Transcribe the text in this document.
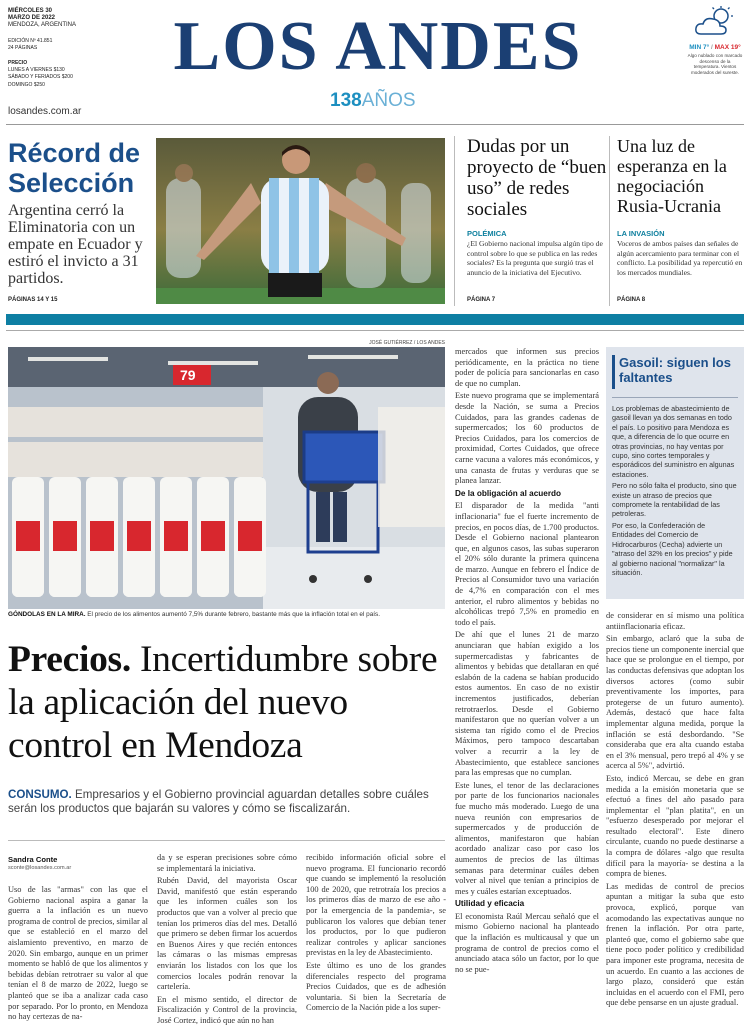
MIÉRCOLES 30
MARZO DE 2022
MENDOZA, ARGENTINA
EDICIÓN Nº 41.851
24 PÁGINAS
PRECIO
LUNES A VIERNES $130
SÁBADO Y FERIADOS $200
DOMINGO $250
losandes.com.ar
LOS ANDES
138AÑOS
MIN 7° / MAX 19°
Algo nublado con marcado descenso de la temperatura. Vientos moderados del sureste.
Récord de Selección
Argentina cerró la Eliminatoria con un empate en Ecuador y estiró el invicto a 31 partidos.
PÁGINAS 14 Y 15
Dudas por un proyecto de “buen uso” de redes sociales
POLÉMICA
¿El Gobierno nacional impulsa algún tipo de control sobre lo que se publica en las redes sociales? Es la pregunta que surgió tras el anuncio de la iniciativa del Ejecutivo.
PÁGINA 7
Una luz de esperanza en la negociación Rusia-Ucrania
LA INVASIÓN
Voceros de ambos países dan señales de algún acercamiento para terminar con el conflicto. La posibilidad ya repercutió en los mercados mundiales.
PÁGINA 8
JOSÉ GUTIÉRREZ / LOS ANDES
79
GÓNDOLAS EN LA MIRA. El precio de los alimentos aumentó 7,5% durante febrero, bastante más que la inflación total en el país.
Precios. Incertidumbre sobre la aplicación del nuevo control en Mendoza
CONSUMO. Empresarios y el Gobierno provincial aguardan detalles sobre cuáles serán los productos que bajarán su valores y cómo se fiscalizarán.
Sandra Conte
sconte@losandes.com.ar

Uso de las "armas" con las que el Gobierno nacional aspira a ganar la guerra a la inflación es un nuevo programa de control de precios, similar al que se estableció en el marzo del aislamiento preventivo, en marzo de 2020. Sin embargo, aunque en un primer momento se habló de que los alimentos y bebidas debían retrotraer su valor al que tenían el 8 de marzo de 2022, luego se planteó que se iba a analizar cada caso por separado. Por lo pronto, en Mendoza no hay certezas de na-

da y se esperan precisiones sobre cómo se implementará la iniciativa.

Rubén David, del mayorista Oscar David, manifestó que están esperando que les informen cuáles son los productos que van a volver al precio que tenían los primeros días del mes. Detalló que primero se deben firmar los acuerdos en Buenos Aires y que recién entonces las cámaras o las mismas empresas enviarán los listados con los que los comercios locales podrán renovar la cartelería.

En el mismo sentido, el director de Fiscalización y Control de la provincia, José Cortez, indicó que aún no han

recibido información oficial sobre el nuevo programa. El funcionario recordó que cuando se implementó la resolución 100 de 2020, que retrotraía los precios a los primeros días de marzo de ese año -por la emergencia de la pandemia-, se publicaron los valores que debían tener los productos, por lo que pudieron realizar controles y aplicar sanciones previstas en la ley de Abastecimiento.

Este último es uno de los grandes diferenciales respecto del programa Precios Cuidados, que es de adhesión voluntaria. Si bien la Secretaría de Comercio de la Nación pide a los super-

mercados que informen sus precios periódicamente, en la práctica no tiene poder de policía para sancionarlas en caso de que no cumplan.

Este nuevo programa que se implementará desde la Nación, se suma a Precios Cuidados, para las grandes cadenas de supermercados; los 60 productos de Precios Cuidados, para los comercios de proximidad, Cortes Cuidados, que ofrece carne vacuna a valores más económicos, y una canasta de frutas y verduras que se planea lanzar.

De la obligación al acuerdo

El disparador de la medida "anti inflacionaria" fue el fuerte incremento de precios, en pocos días, de 1.700 productos. Desde el Gobierno nacional plantearon que, en algunos casos, las subas superaron el 20% sólo durante la primera quincena de marzo. Aunque en febrero el Índice de Precios al Consumidor tuvo una variación de 4,7% en comparación con el mes anterior, el rubro alimentos y bebidas no alcohólicas trepó 7,5% en promedio en todo el país.

De ahí que el lunes 21 de marzo anunciaran que habían exigido a los supermercadistas y fabricantes de alimentos y bebidas que detallaran en qué eslabón de la cadena se habían producido estos aumentos. En caso de no existir incrementos justificados, deberían retrotraerlos. Desde el Gobierno manifestaron que no querían volver a un sistema tan rígido como el de Precios Máximos, pero tampoco descartaban volver a recurrir a la ley de Abastecimiento, que establece sanciones para las empresas que no cumplan.

Este lunes, el tenor de las declaraciones por parte de los funcionarios nacionales fue mucho más moderado. Luego de una nueva reunión con empresarios de supermercados y de producción de alimentos, manifestaron que habían acordado analizar caso por caso los aumentos de precios de las últimas semanas para determinar cuáles deben volver al nivel que tenían a principios de mes y cuáles estarían exceptuados.

Utilidad y eficacia

El economista Raúl Mercau señaló que el mismo Gobierno nacional ha planteado que la inflación es multicausal y que un programa de control de precios como el anunciado ataca sólo un factor, por lo que no se pue-

de considerar en sí mismo una política antiinflacionaria eficaz.

Sin embargo, aclaró que la suba de precios tiene un componente inercial que hace que se prolongue en el tiempo, por las conductas defensivas que adoptan los diversos actores (como subir preventivamente los importes, para protegerse de un futuro aumento). Además, destacó que hace falta implementar alguna medida, porque la inflación se está desbordando. "Se consideraba que era alta cuando estaba en el 3% mensual, pero trepó al 4% y se acerca al 5%", advirtió.

Esto, indicó Mercau, se debe en gran medida a la emisión monetaria que se efectuó a fines del año pasado para implementar el "plan platita", en un "esfuerzo desesperado por mejorar el resultado electoral". Este dinero circulante, cuando no puede destinarse a la compra de dólares -algo que resulta difícil para la mayoría- se destina a la compra de bienes.

Las medidas de control de precios apuntan a mitigar la suba que esto provoca, explicó, porque van acomodando las expectativas aunque no frenen la inflación. Por otra parte, planteó que, como el gobierno sabe que tiene poco poder político y credibilidad para imponer este programa, necesita de un acuerdo. En cuanto a las acciones de largo plazo, consideró que están incluidas en el acuerdo con el FMI, pero que debe pensarse en un ajuste gradual.

Gasoil: siguen los faltantes

Los problemas de abastecimiento de gasoil llevan ya dos semanas en todo el país. Lo positivo para Mendoza es que, a diferencia de lo que ocurre en otras provincias, no hay ventas por cupo, sino cortes temporales y esporádicos del suministro en algunas estaciones.

Pero no sólo falta el producto, sino que existe un atraso de precios que compromete la rentabilidad de las petroleras.

Por eso, la Confederación de Entidades del Comercio de Hidrocarburos (Cecha) advierte un "atraso del 32% en los precios" y pide al gobierno nacional "normalizar" la situación.
